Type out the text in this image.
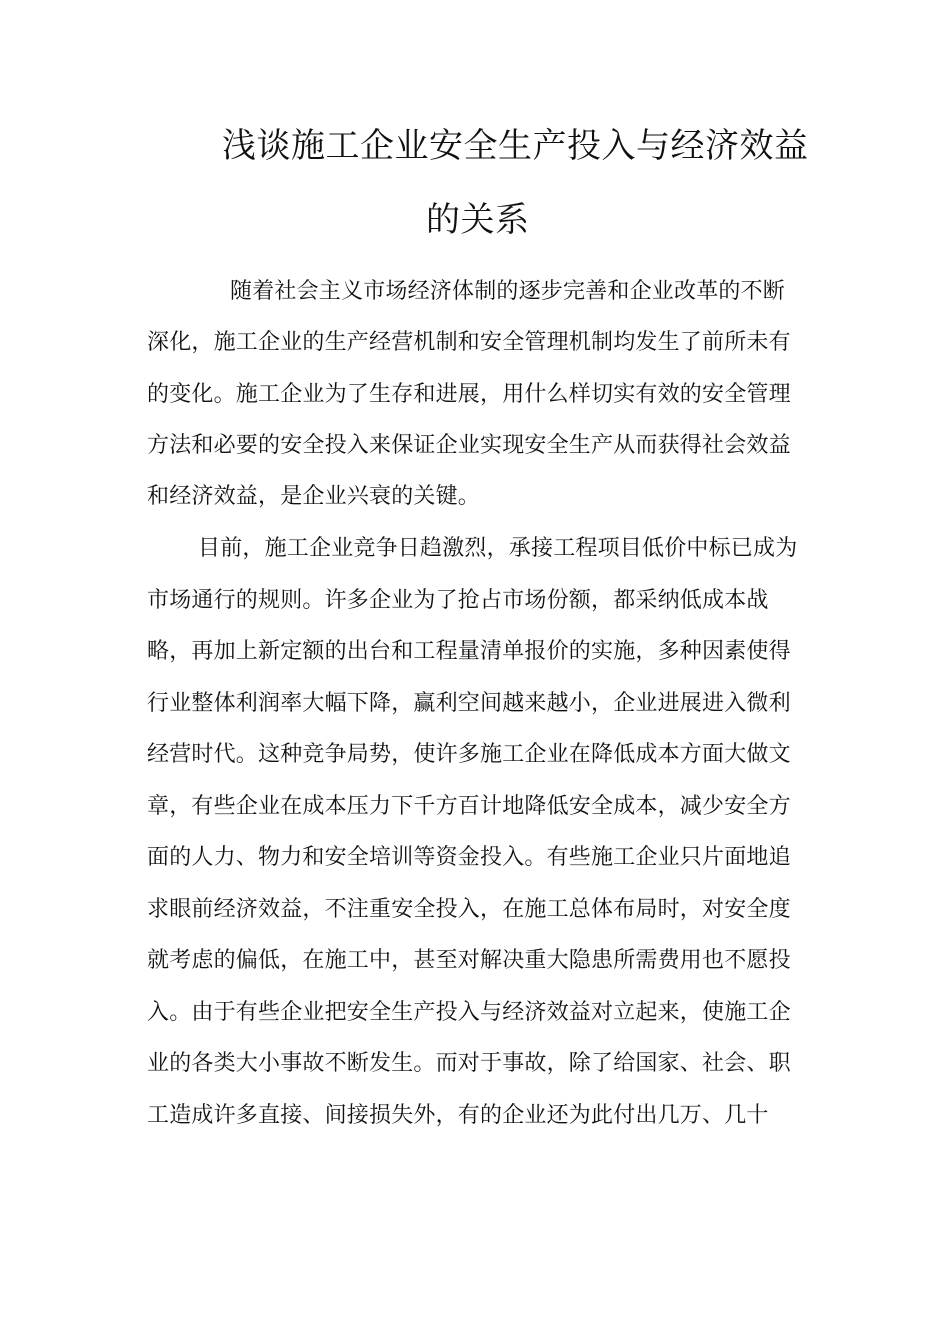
浅谈施工企业安全生产投入与经济效益
的关系
随着社会主义市场经济体制的逐步完善和企业改革的不断
深化，施工企业的生产经营机制和安全管理机制均发生了前所未有
的变化。施工企业为了生存和进展，用什么样切实有效的安全管理
方法和必要的安全投入来保证企业实现安全生产从而获得社会效益
和经济效益，是企业兴衰的关键。
目前，施工企业竞争日趋激烈，承接工程项目低价中标已成为
市场通行的规则。许多企业为了抢占市场份额，都采纳低成本战
略，再加上新定额的出台和工程量清单报价的实施，多种因素使得
行业整体利润率大幅下降，赢利空间越来越小，企业进展进入微利
经营时代。这种竞争局势，使许多施工企业在降低成本方面大做文
章，有些企业在成本压力下千方百计地降低安全成本，减少安全方
面的人力、物力和安全培训等资金投入。有些施工企业只片面地追
求眼前经济效益，不注重安全投入，在施工总体布局时，对安全度
就考虑的偏低，在施工中，甚至对解决重大隐患所需费用也不愿投
入。由于有些企业把安全生产投入与经济效益对立起来，使施工企
业的各类大小事故不断发生。而对于事故，除了给国家、社会、职
工造成许多直接、间接损失外，有的企业还为此付出几万、几十
